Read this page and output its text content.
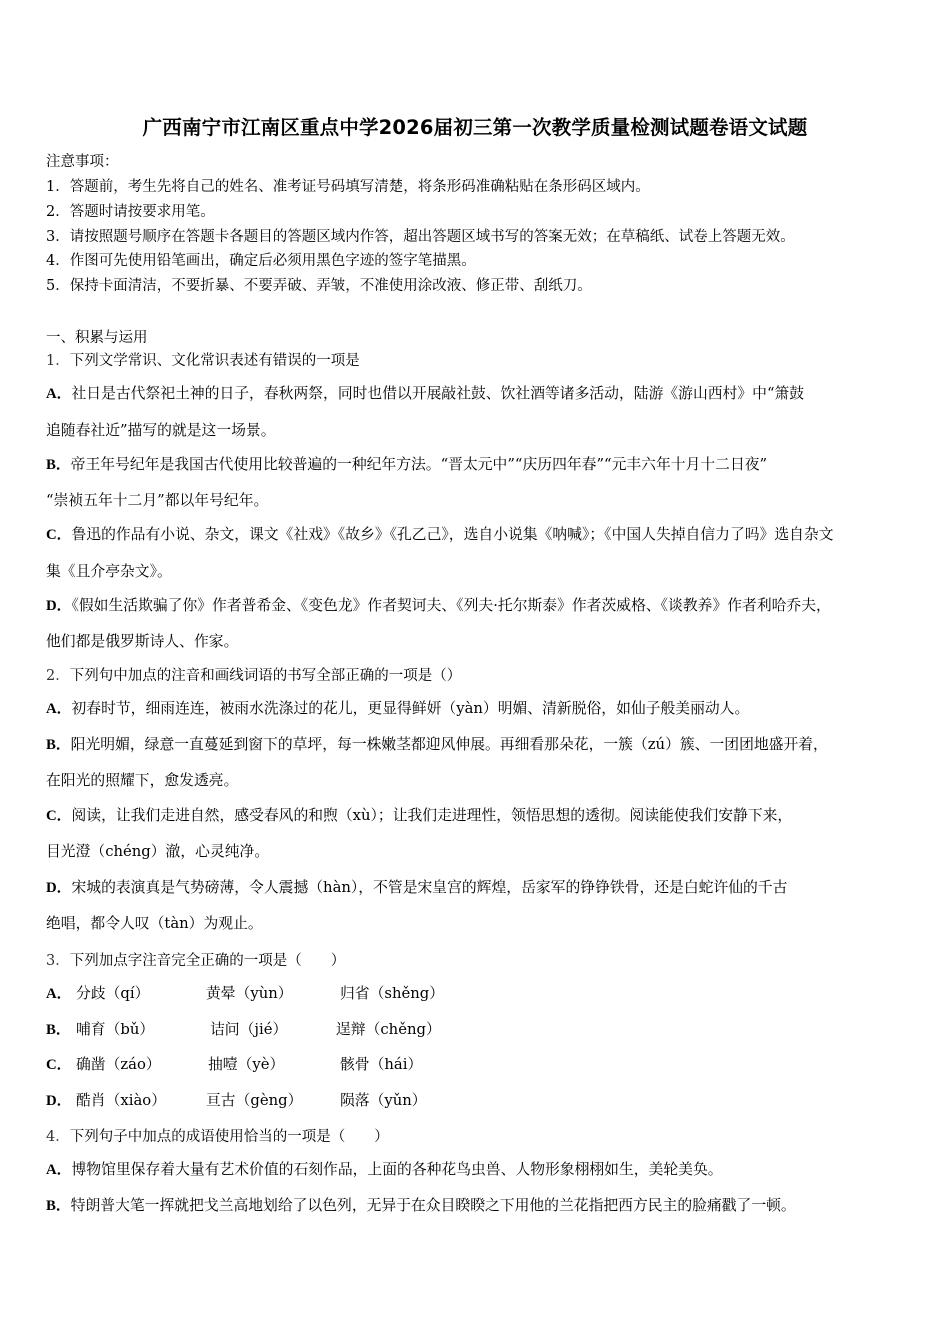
广西南宁市江南区重点中学2026届初三第一次教学质量检测试题卷语文试题
注意事项：
1．答题前，考生先将自己的姓名、准考证号码填写清楚，将条形码准确粘贴在条形码区域内。
2．答题时请按要求用笔。
3．请按照题号顺序在答题卡各题目的答题区域内作答，超出答题区域书写的答案无效；在草稿纸、试卷上答题无效。
4．作图可先使用铅笔画出，确定后必须用黑色字迹的签字笔描黑。
5．保持卡面清洁，不要折暴、不要弄破、弄皱，不准使用涂改液、修正带、刮纸刀。
一、积累与运用
1．下列文学常识、文化常识表述有错误的一项是
A．社日是古代祭祀土神的日子，春秋两祭，同时也借以开展敲社鼓、饮社酒等诸多活动，陆游《游山西村》中“箫鼓
追随春社近”描写的就是这一场景。
B．帝王年号纪年是我国古代使用比较普遍的一种纪年方法。“晋太元中”“庆历四年春”“元丰六年十月十二日夜”
“崇祯五年十二月”都以年号纪年。
C．鲁迅的作品有小说、杂文，课文《社戏》《故乡》《孔乙己》，选自小说集《呐喊》；《中国人失掉自信力了吗》选自杂文
集《且介亭杂文》。
D．《假如生活欺骗了你》作者普希金、《变色龙》作者契诃夫、《列夫·托尔斯泰》作者茨威格、《谈教养》作者利哈乔夫，
他们都是俄罗斯诗人、作家。
2．下列句中加点的注音和画线词语的书写全部正确的一项是（）
A．初春时节，细雨连连，被雨水洗涤过的花儿，更显得鲜妍（yàn）明媚、清新脱俗，如仙子般美丽动人。
B．阳光明媚，绿意一直蔓延到窗下的草坪，每一株嫩茎都迎风伸展。再细看那朵花，一簇（zú）簇、一团团地盛开着，
在阳光的照耀下，愈发透亮。
C．阅读，让我们走进自然，感受春风的和煦（xù）；让我们走进理性，领悟思想的透彻。阅读能使我们安静下来，
目光澄（chéng）澈，心灵纯净。
D．宋城的表演真是气势磅薄，令人震撼（hàn），不管是宋皇宫的辉煌，岳家军的铮铮铁骨，还是白蛇许仙的千古
绝唱，都令人叹（tàn）为观止。
3．下列加点字注音完全正确的一项是（　　）
A． 分歧（qí）	黄晕（yùn）	归省（shěng）
B． 哺育（bǔ）	诘问（jié）	逞辩（chěng）
C． 确凿（záo）	抽噎（yè）	骸骨（hái）
D． 酷肖（xiào）	亘古（gèng）	陨落（yǔn）
4．下列句子中加点的成语使用恰当的一项是（　　）
A．博物馆里保存着大量有艺术价值的石刻作品，上面的各种花鸟虫兽、人物形象栩栩如生，美轮美奂。
B．特朗普大笔一挥就把戈兰高地划给了以色列，无异于在众目睽睽之下用他的兰花指把西方民主的脸痛戳了一顿。
